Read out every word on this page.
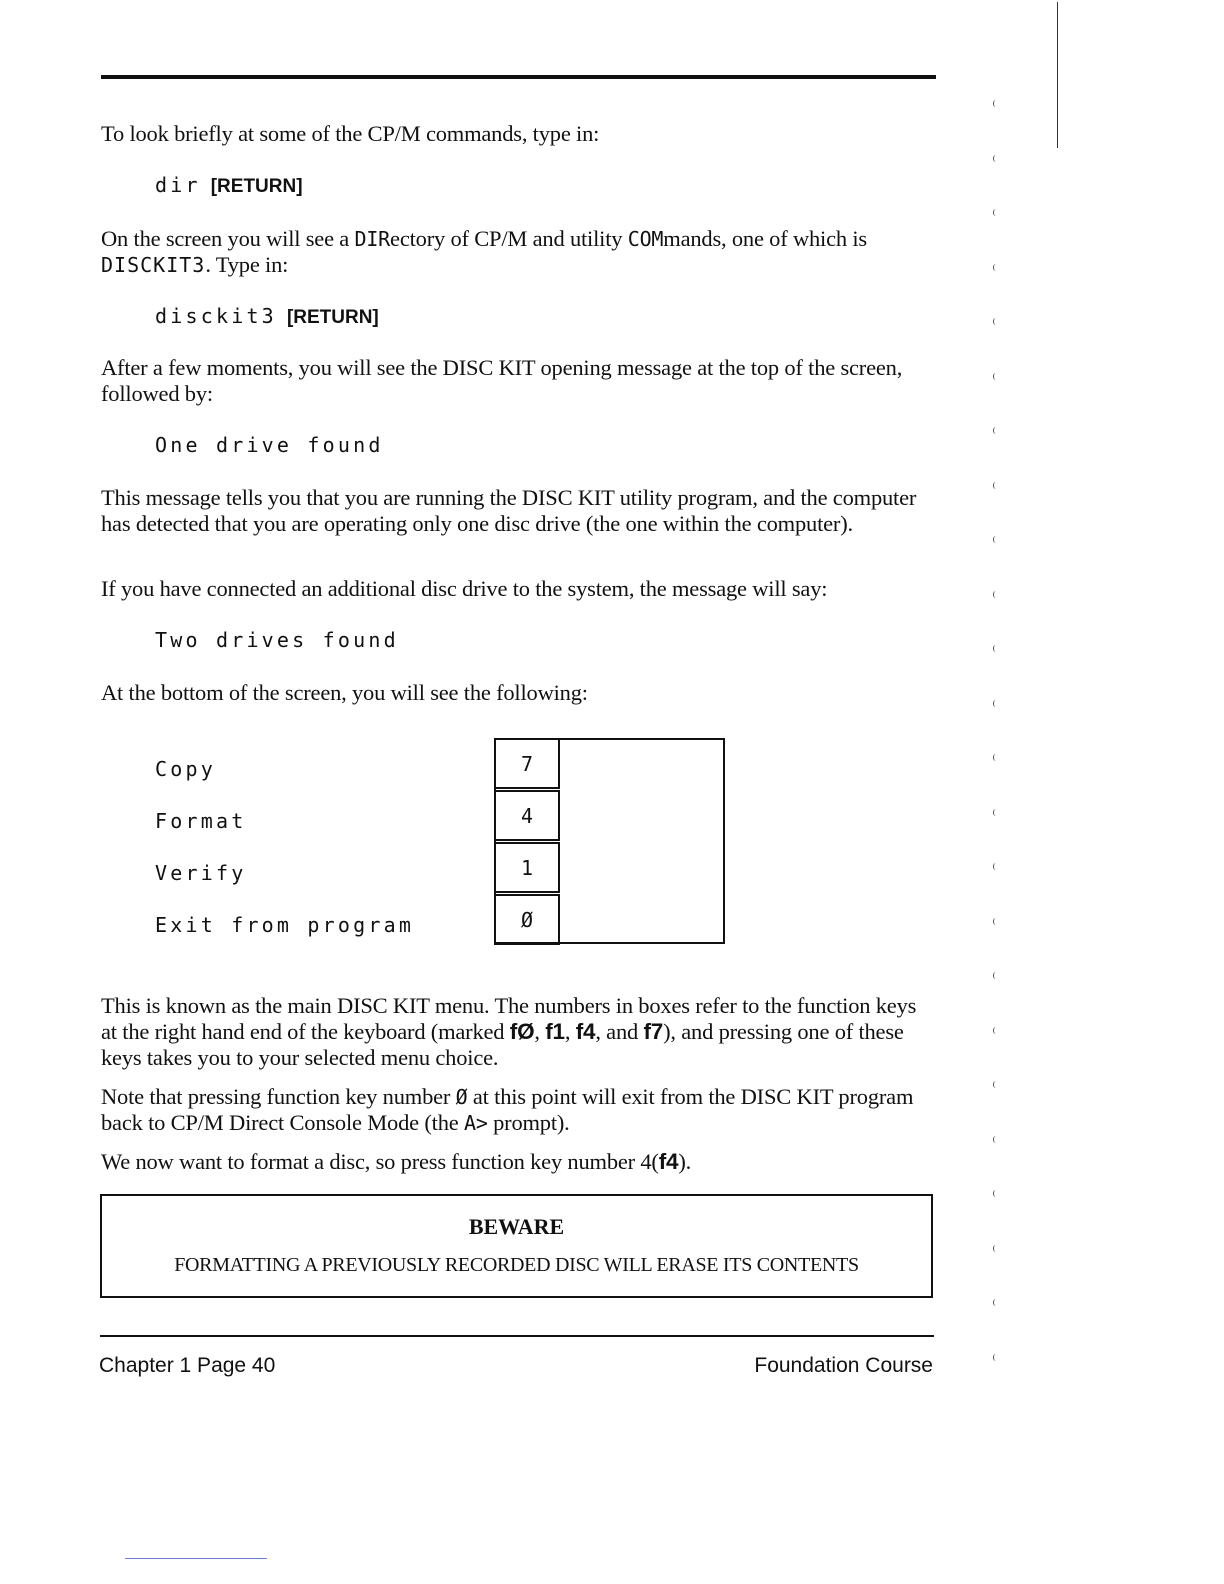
To look briefly at some of the CP/M commands, type in:
dir [RETURN]
On the screen you will see a DIRectory of CP/M and utility COMmands, one of which is DISCKIT3. Type in:
disckit3 [RETURN]
After a few moments, you will see the DISC KIT opening message at the top of the screen, followed by:
One drive found
This message tells you that you are running the DISC KIT utility program, and the computer has detected that you are operating only one disc drive (the one within the computer).
If you have connected an additional disc drive to the system, the message will say:
Two drives found
At the bottom of the screen, you will see the following:
Copy	7
Format	4
Verify	1
Exit from program	Ø
This is known as the main DISC KIT menu. The numbers in boxes refer to the function keys at the right hand end of the keyboard (marked fØ, f1, f4, and f7), and pressing one of these keys takes you to your selected menu choice.
Note that pressing function key number Ø at this point will exit from the DISC KIT program back to CP/M Direct Console Mode (the A> prompt).
We now want to format a disc, so press function key number 4(f4).
BEWARE
FORMATTING A PREVIOUSLY RECORDED DISC WILL ERASE ITS CONTENTS
Chapter 1 Page 40	Foundation Course
